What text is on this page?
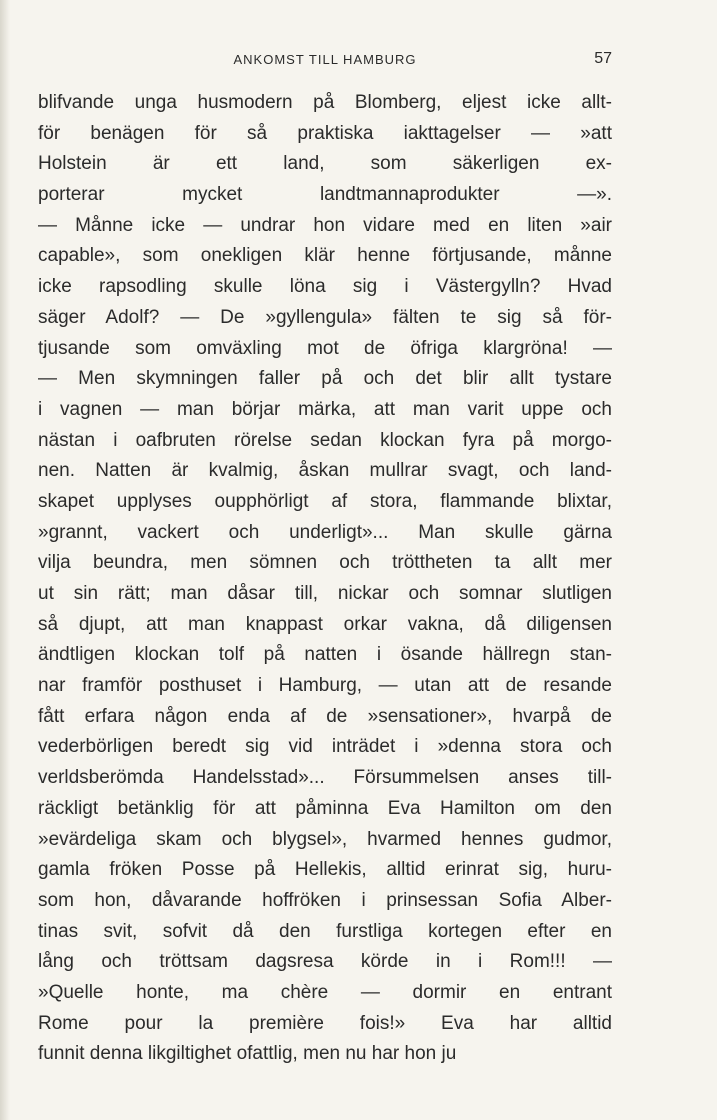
ANKOMST TILL HAMBURG	57
blifvande unga husmodern på Blomberg, eljest icke allt-
för benägen för så praktiska iakttagelser — »att
Holstein är ett land, som säkerligen ex-
porterar mycket landtmannaprodukter —».
— Månne icke — undrar hon vidare med en liten »air
capable», som onekligen klär henne förtjusande, månne
icke rapsodling skulle löna sig i Västergylln? Hvad
säger Adolf? — De »gyllengula» fälten te sig så för-
tjusande som omväxling mot de öfriga klargröna! —
— Men skymningen faller på och det blir allt tystare
i vagnen — man börjar märka, att man varit uppe och
nästan i oafbruten rörelse sedan klockan fyra på morgo-
nen. Natten är kvalmig, åskan mullrar svagt, och land-
skapet upplyses oupphörligt af stora, flammande blixtar,
»grannt, vackert och underligt»... Man skulle gärna
vilja beundra, men sömnen och tröttheten ta allt mer
ut sin rätt; man dåsar till, nickar och somnar slutligen
så djupt, att man knappast orkar vakna, då diligensen
ändtligen klockan tolf på natten i ösande hällregn stan-
nar framför posthuset i Hamburg, — utan att de resande
fått erfara någon enda af de »sensationer», hvarpå de
vederbörligen beredt sig vid inträdet i »denna stora och
verldsberömda Handelsstad»... Försummelsen anses till-
räckligt betänklig för att påminna Eva Hamilton om den
»evärdeliga skam och blygsel», hvarmed hennes gudmor,
gamla fröken Posse på Hellekis, alltid erinrat sig, huru-
som hon, dåvarande hoffröken i prinsessan Sofia Alber-
tinas svit, sofvit då den furstliga kortegen efter en
lång och tröttsam dagsresa körde in i Rom!!! —
»Quelle honte, ma chère — dormir en entrant
Rome pour la première fois!» Eva har alltid
funnit denna likgiltighet ofattlig, men nu har hon ju
